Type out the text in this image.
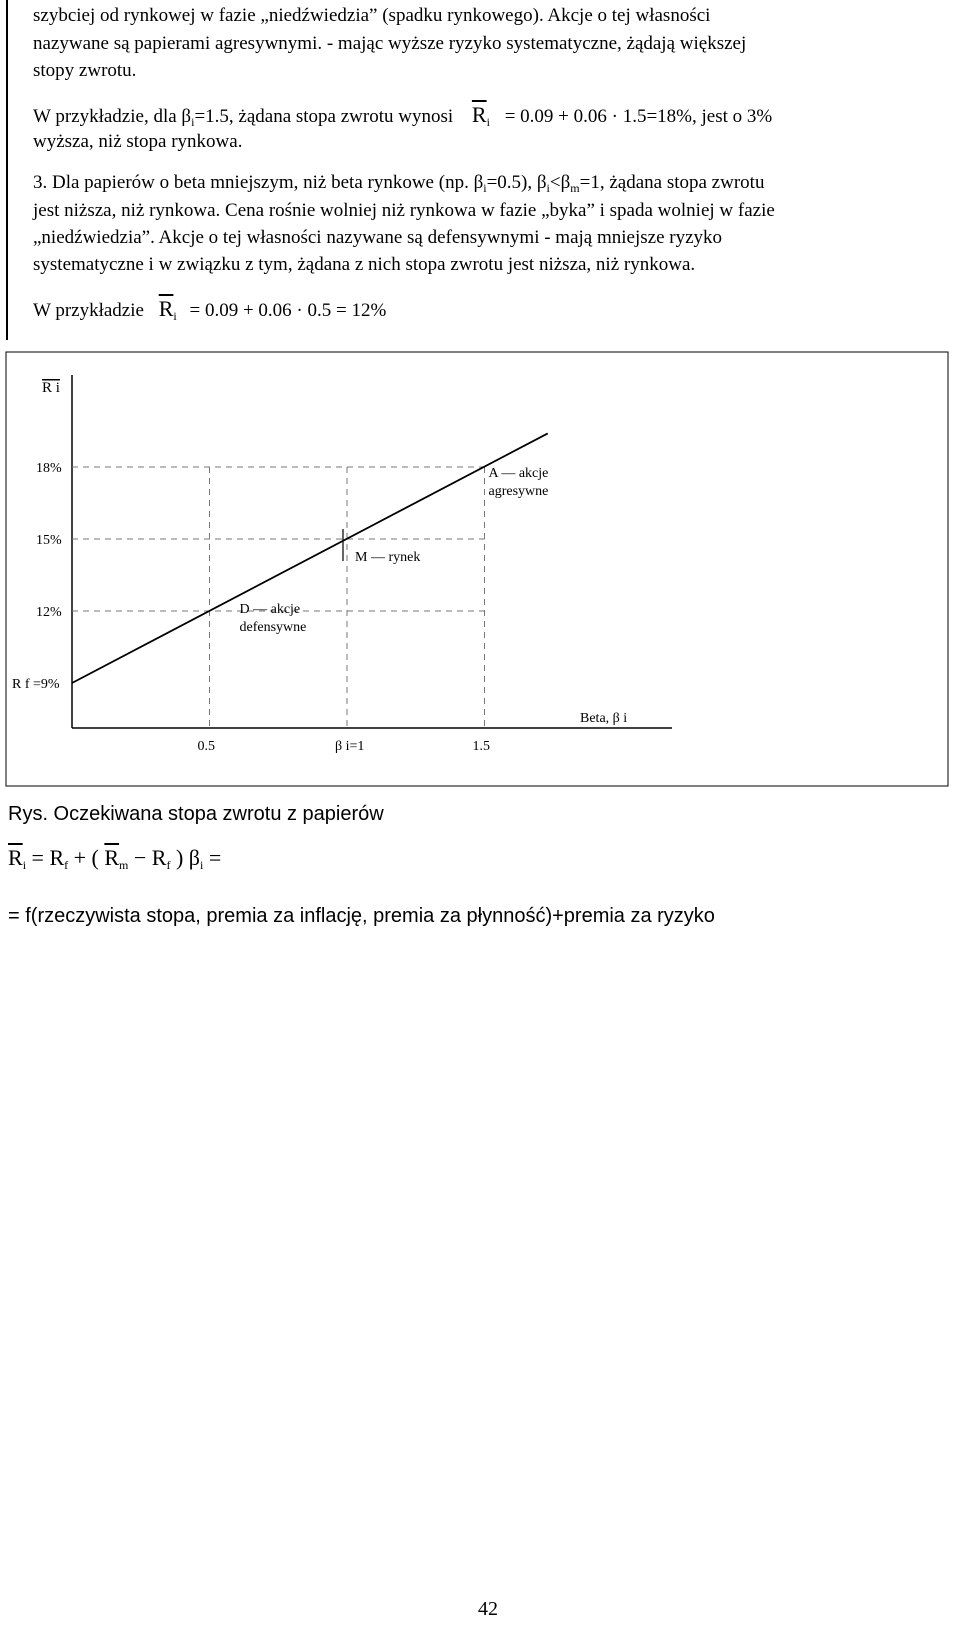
szybciej od rynkowej w fazie „niedźwiedzia” (spadku rynkowego). Akcje o tej własności
nazywane są papierami agresywnymi. - mając wyższe ryzyko systematyczne, żądają większej
stopy zwrotu.
W przykładzie, dla $\beta_i=1.5$, żądana stopa zwrotu wynosi $\overline{R}_i = 0.09 + 0.06 \cdot 1.5=18\%$, jest o 3%
wyższa, niż stopa rynkowa.
3. Dla papierów o beta mniejszym, niż beta rynkowe (np. $\beta_i=0.5$), $\beta_i<\beta_m=1$, żądana stopa zwrotu
jest niższa, niż rynkowa. Cena rośnie wolniej niż rynkowa w fazie „byka” i spada wolniej w fazie
„niedźwiedzia”. Akcje o tej własności nazywane są defensywnymi - mają mniejsze ryzyko
systematyczne i w związku z tym, żądana z nich stopa zwrotu jest niższa, niż rynkowa.
W przykładzie $\overline{R}_i = 0.09 + 0.06 \cdot 0.5 = 12\%$
R i
Beta, β i
18%
15%
12%
R f =9%
0.5	β i=1	1.5
D — akcje
defensywne
M — rynek
A — akcje
agresywne
Rys. Oczekiwana stopa zwrotu z papierów
$\overline{R}_i = R_f$ + ( $\overline{R}_m - R_f$ ) $\beta_i$ =
= f(rzeczywista stopa, premia za inflację, premia za płynność)+premia za ryzyko
42
